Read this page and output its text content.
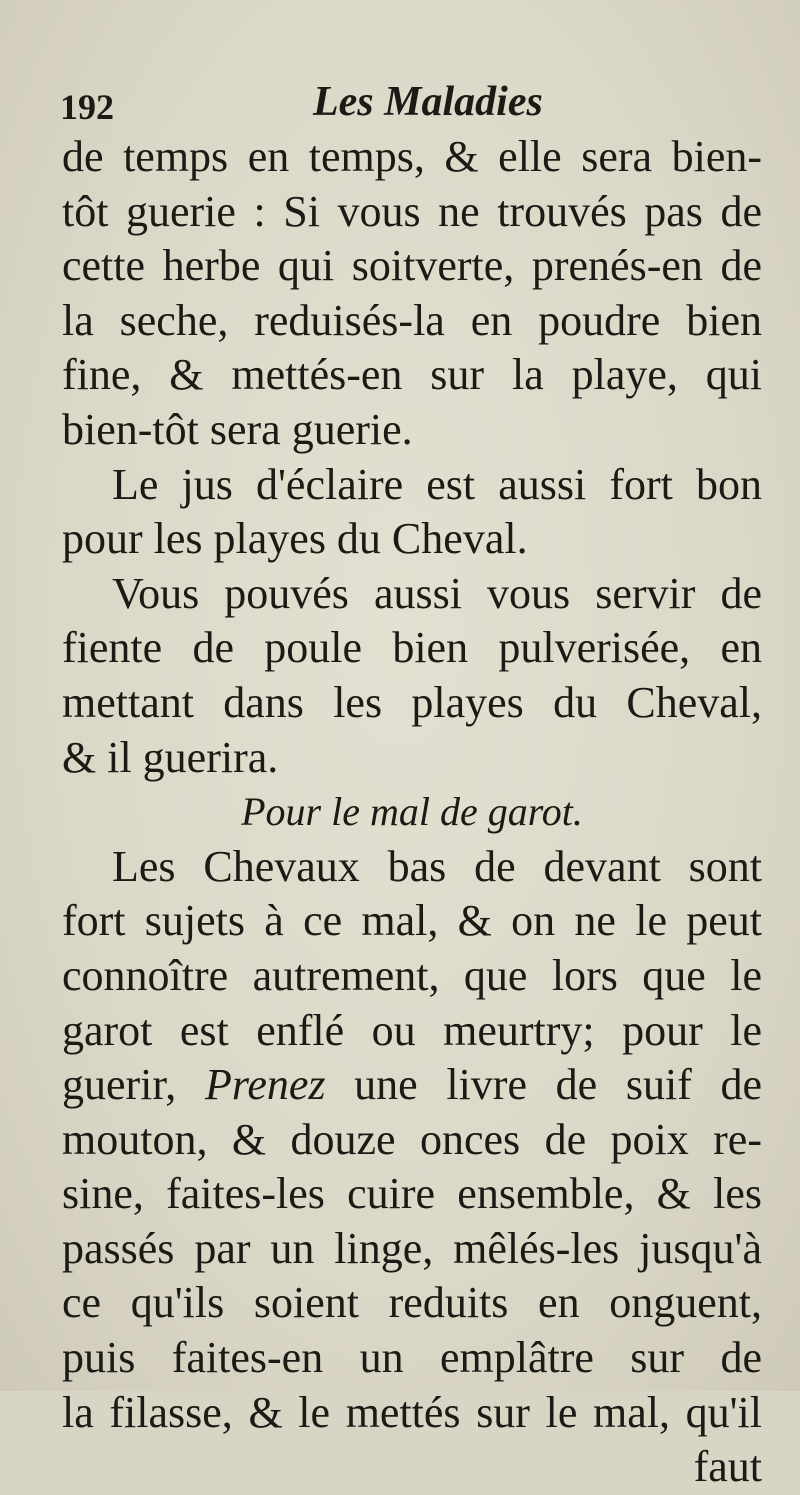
192	Les Maladies
de temps en temps, & elle sera bien-
tôt guerie : Si vous ne trouvés pas de
cette herbe qui soitverte, prenés-en de
la seche, reduisés-la en poudre bien
fine, & mettés-en sur la playe, qui
bien-tôt sera guerie.
Le jus d'éclaire est aussi fort bon
pour les playes du Cheval.
Vous pouvés aussi vous servir de
fiente de poule bien pulverisée, en
mettant dans les playes du Cheval,
& il guerira.
Pour le mal de garot.
Les Chevaux bas de devant sont
fort sujets à ce mal, & on ne le peut
connoître autrement, que lors que le
garot est enflé ou meurtry; pour le
guerir, Prenez une livre de suif de
mouton, & douze onces de poix re-
sine, faites-les cuire ensemble, & les
passés par un linge, mêlés-les jusqu'à
ce qu'ils soient reduits en onguent,
puis faites-en un emplâtre sur de
la filasse, & le mettés sur le mal, qu'il
faut
